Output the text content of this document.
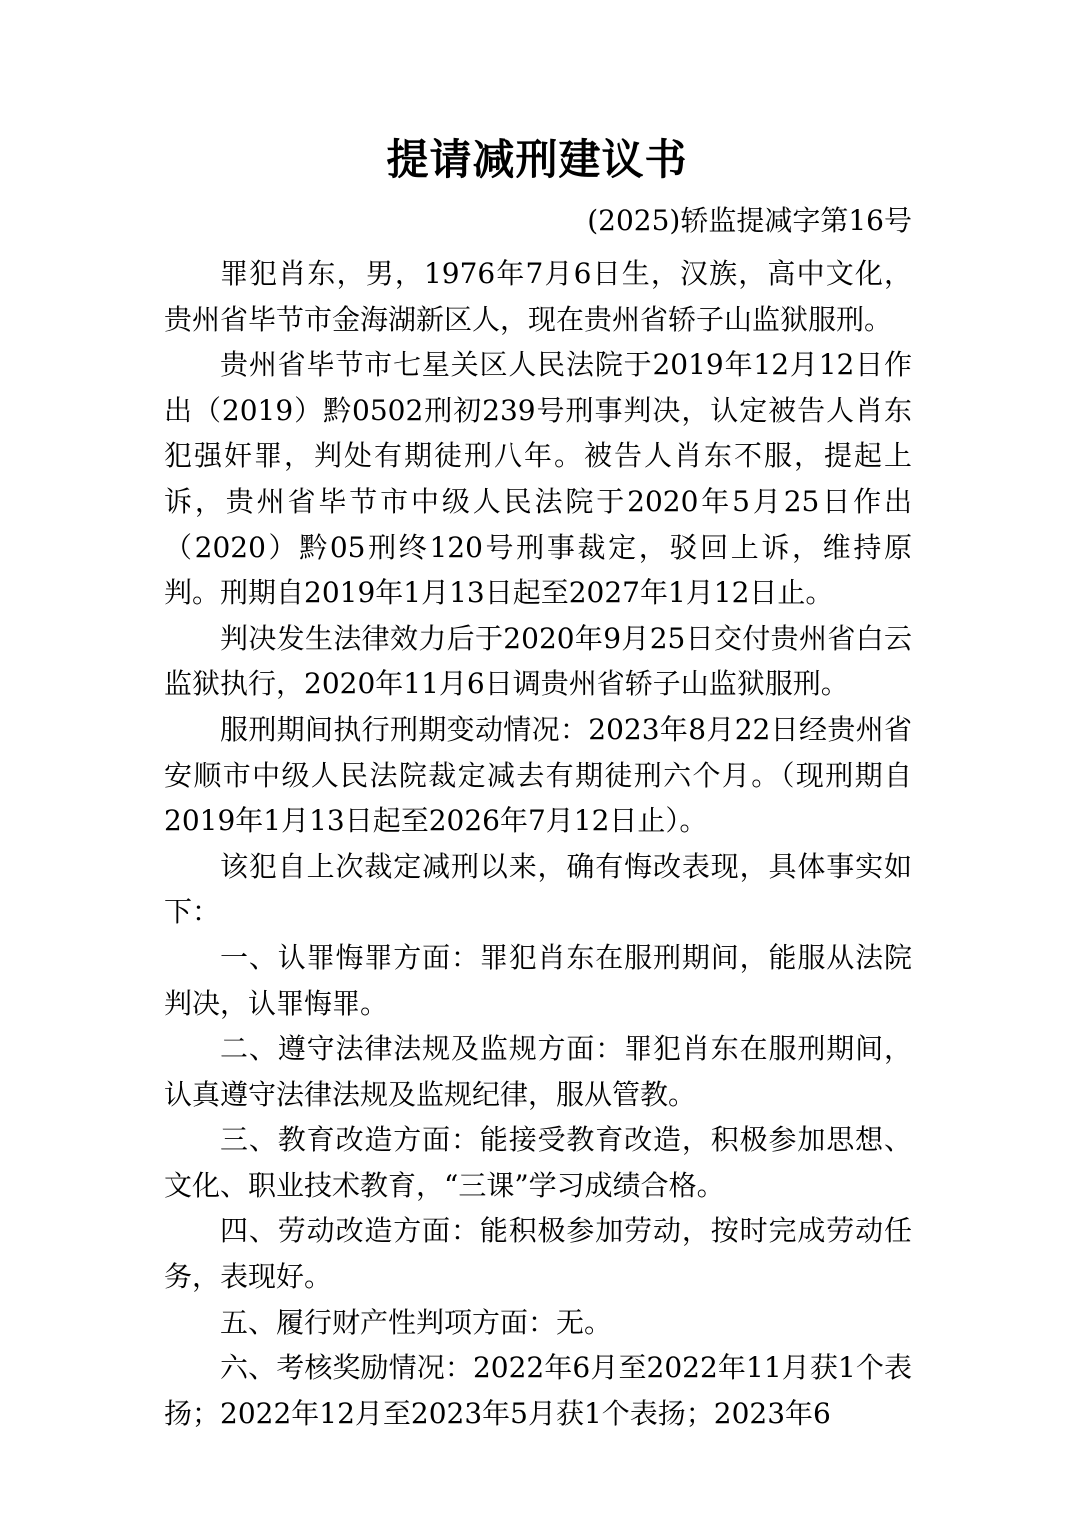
提请减刑建议书
(2025)轿监提减字第16号

罪犯肖东，男，1976年7月6日生，汉族，高中文化，贵州省毕节市金海湖新区人，现在贵州省轿子山监狱服刑。

贵州省毕节市七星关区人民法院于2019年12月12日作出（2019）黔0502刑初239号刑事判决，认定被告人肖东犯强奸罪，判处有期徒刑八年。被告人肖东不服，提起上诉，贵州省毕节市中级人民法院于2020年5月25日作出（2020）黔05刑终120号刑事裁定，驳回上诉，维持原判。刑期自2019年1月13日起至2027年1月12日止。

判决发生法律效力后于2020年9月25日交付贵州省白云监狱执行，2020年11月6日调贵州省轿子山监狱服刑。

服刑期间执行刑期变动情况：2023年8月22日经贵州省安顺市中级人民法院裁定减去有期徒刑六个月。（现刑期自2019年1月13日起至2026年7月12日止）。

该犯自上次裁定减刑以来，确有悔改表现，具体事实如下：

一、认罪悔罪方面：罪犯肖东在服刑期间，能服从法院判决，认罪悔罪。

二、遵守法律法规及监规方面：罪犯肖东在服刑期间，认真遵守法律法规及监规纪律，服从管教。

三、教育改造方面：能接受教育改造，积极参加思想、文化、职业技术教育，“三课”学习成绩合格。

四、劳动改造方面：能积极参加劳动，按时完成劳动任务，表现好。

五、履行财产性判项方面：无。

六、考核奖励情况：2022年6月至2022年11月获1个表扬；2022年12月至2023年5月获1个表扬；2023年6
